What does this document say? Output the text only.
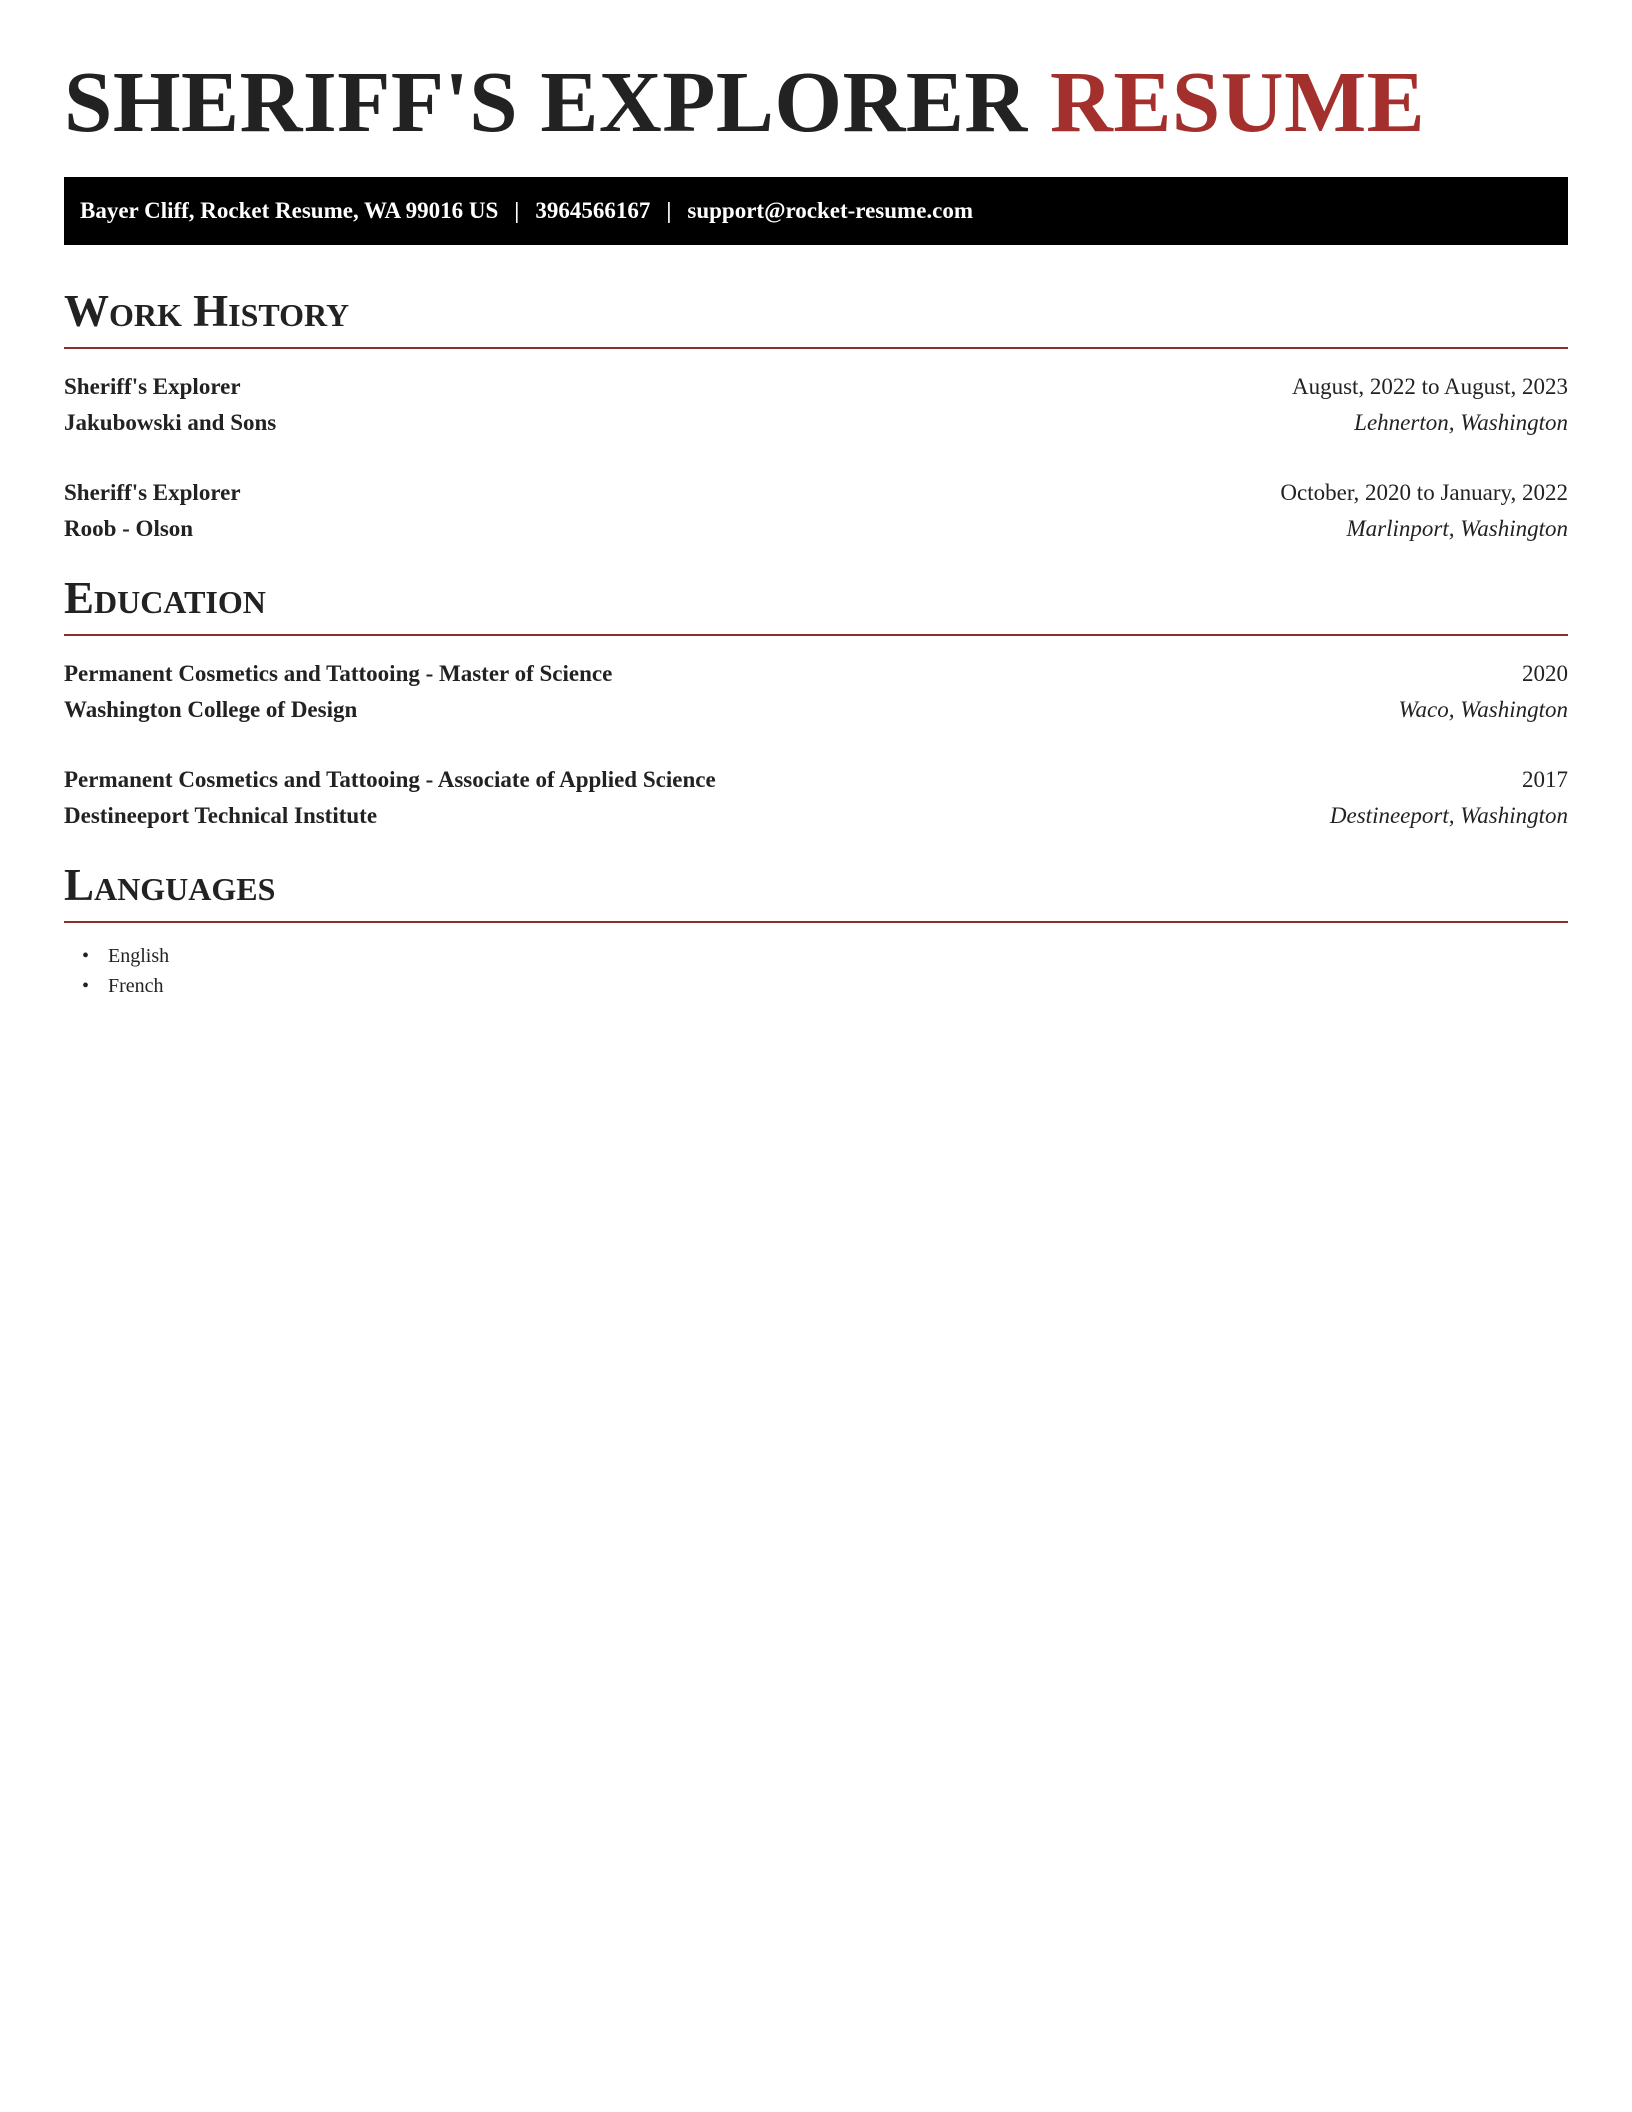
SHERIFF'S EXPLORER RESUME
Bayer Cliff, Rocket Resume, WA 99016 US | 3964566167 | support@rocket-resume.com
Work History
Sheriff's Explorer	August, 2022 to August, 2023
Jakubowski and Sons	Lehnerton, Washington
Sheriff's Explorer	October, 2020 to January, 2022
Roob - Olson	Marlinport, Washington
Education
Permanent Cosmetics and Tattooing - Master of Science	2020
Washington College of Design	Waco, Washington
Permanent Cosmetics and Tattooing - Associate of Applied Science	2017
Destineeport Technical Institute	Destineeport, Washington
Languages
• English
• French
